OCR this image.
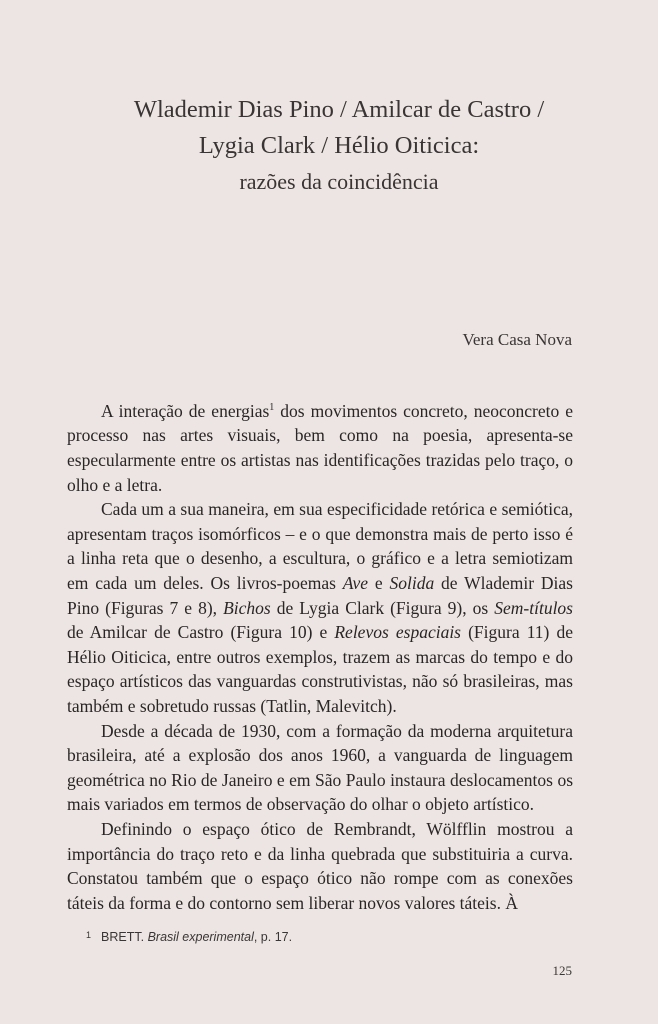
Wlademir Dias Pino / Amilcar de Castro /
Lygia Clark / Hélio Oiticica:
razões da coincidência
Vera Casa Nova

A interação de energias$^1$ dos movimentos concreto, neoconcreto e processo nas artes visuais, bem como na poesia, apresenta-se especularmente entre os artistas nas identificações trazidas pelo traço, o olho e a letra.

Cada um a sua maneira, em sua especificidade retórica e semiótica, apresentam traços isomórficos – e o que demonstra mais de perto isso é a linha reta que o desenho, a escultura, o gráfico e a letra semiotizam em cada um deles. Os livros-poemas Ave e Solida de Wlademir Dias Pino (Figuras 7 e 8), Bichos de Lygia Clark (Figura 9), os Sem-títulos de Amilcar de Castro (Figura 10) e Relevos espaciais (Figura 11) de Hélio Oiticica, entre outros exemplos, trazem as marcas do tempo e do espaço artísticos das vanguardas construtivistas, não só brasileiras, mas também e sobretudo russas (Tatlin, Malevitch).

Desde a década de 1930, com a formação da moderna arquitetura brasileira, até a explosão dos anos 1960, a vanguarda de linguagem geométrica no Rio de Janeiro e em São Paulo instaura deslocamentos os mais variados em termos de observação do olhar o objeto artístico.

Definindo o espaço ótico de Rembrandt, Wölfflin mostrou a importância do traço reto e da linha quebrada que substituiria a curva. Constatou também que o espaço ótico não rompe com as conexões táteis da forma e do contorno sem liberar novos valores táteis. À

$^1$ BRETT. Brasil experimental, p. 17.
125
